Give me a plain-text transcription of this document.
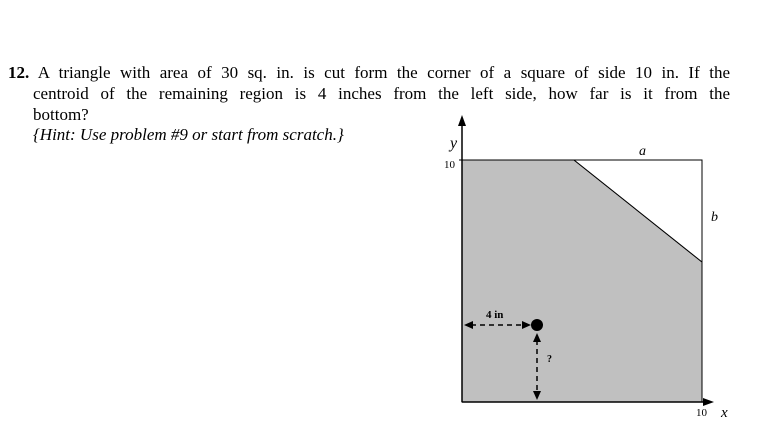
12. A triangle with area of 30 sq. in. is cut form the corner of a square of side 10 in. If the
centroid of the remaining region is 4 inches from the left side, how far is it from the
bottom?
{Hint: Use problem #9 or start from scratch.}	y
10
10 x
a
b
4 in
?
